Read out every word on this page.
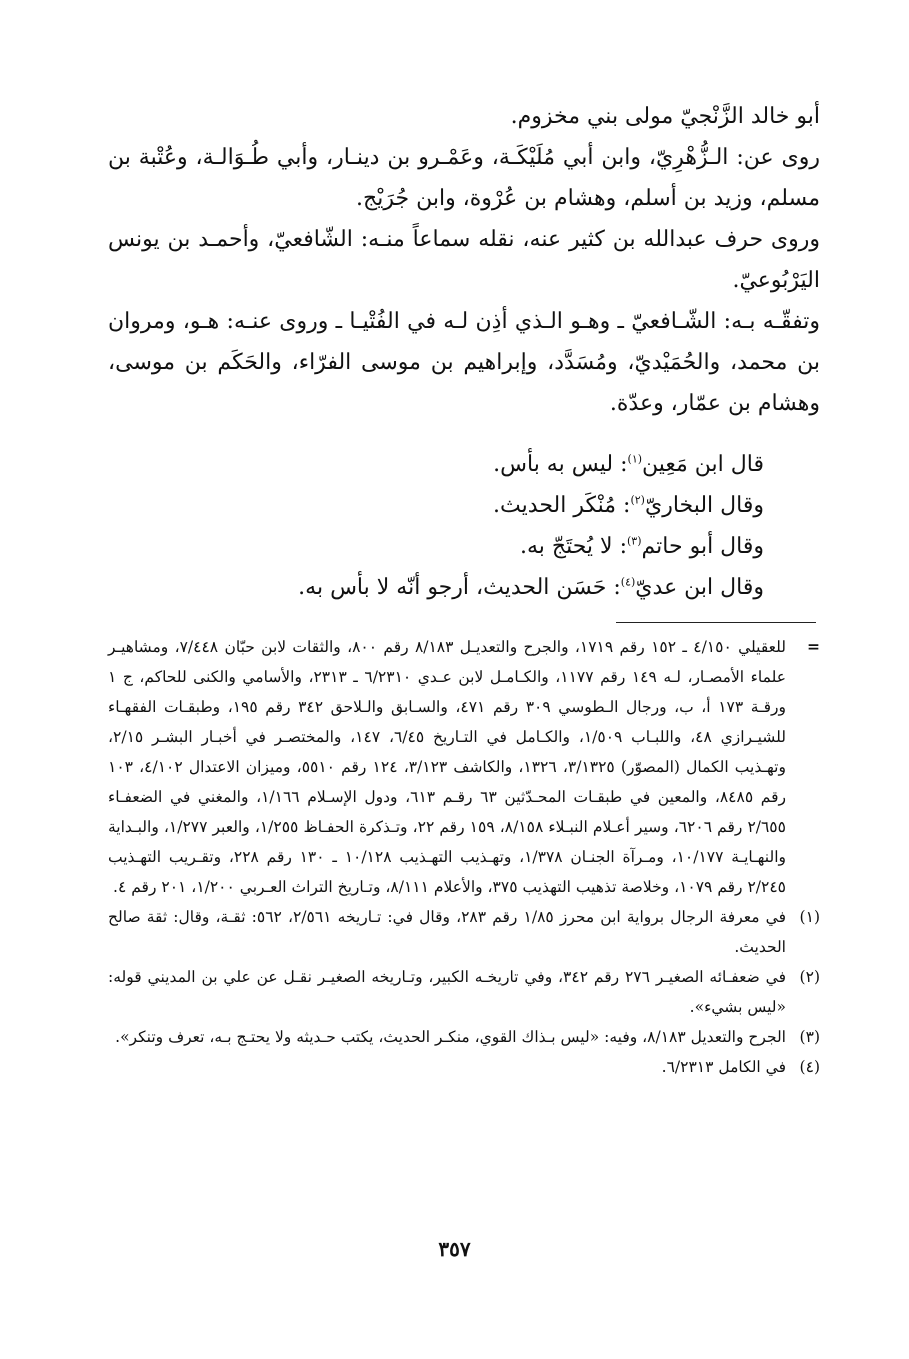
أبو خالد الزَّنْجيّ مولى بني مخزوم.

روى عن: الـزُّهْرِيّ، وابن أبي مُلَيْكَـة، وعَمْـرو بن دينـار، وأبي طُـوَالـة، وعُتْبة بن مسلم، وزيد بن أسلم، وهشام بن عُرْوة، وابن جُرَيْج.

وروى حرف عبدالله بن كثير عنه، نقله سماعاً منـه: الشّافعيّ، وأحمـد بن يونس اليَرْبُوعيّ.

وتفقّـه بـه: الشّـافعيّ ـ وهـو الـذي أذِن لـه في الفُتْيـا ـ وروى عنـه: هـو، ومروان بن محمد، والحُمَيْديّ، ومُسَدَّد، وإبراهيم بن موسى الفرّاء، والحَكَم بن موسى، وهشام بن عمّار، وعدّة.

قال ابن مَعِين$^{(١)}$: ليس به بأس.

وقال البخاريّ$^{(٢)}$: مُنْكَر الحديث.

وقال أبو حاتم$^{(٣)}$: لا يُحتَجّ به.

وقال ابن عديّ$^{(٤)}$: حَسَن الحديث، أرجو أنّه لا بأس به.

=
للعقيلي ٤/١٥٠ ـ ١٥٢ رقم ١٧١٩، والجرح والتعديـل ٨/١٨٣ رقم ٨٠٠، والثقات لابن حبّان ٧/٤٤٨، ومشاهيـر علماء الأمصـار، لـه ١٤٩ رقم ١١٧٧، والكـامـل لابن عـدي ٦/٢٣١٠ ـ ٢٣١٣، والأسامي والكنى للحاكم، ج ١ ورقـة ١٧٣ أ، ب، ورجال الـطوسي ٣٠٩ رقم ٤٧١، والسـابق والـلاحق ٣٤٢ رقم ١٩٥، وطبقـات الفقهـاء للشيـرازي ٤٨، واللبـاب ١/٥٠٩، والكـامل في التـاريخ ٦/٤٥، ١٤٧، والمختصـر في أخبـار البشـر ٢/١٥، وتهـذيب الكمال (المصوّر) ٣/١٣٢٥، ١٣٢٦، والكاشف ٣/١٢٣، ١٢٤ رقم ٥٥١٠، وميزان الاعتدال ٤/١٠٢، ١٠٣ رقم ٨٤٨٥، والمعين في طبقـات المحـدّثين ٦٣ رقـم ٦١٣، ودول الإسـلام ١/١٦٦، والمغني في الضعفـاء ٢/٦٥٥ رقم ٦٢٠٦، وسير أعـلام النبـلاء ٨/١٥٨، ١٥٩ رقم ٢٢، وتـذكرة الحفـاظ ١/٢٥٥، والعبر ١/٢٧٧، والبـداية والنهـايـة ١٠/١٧٧، ومـرآة الجنـان ١/٣٧٨، وتهـذيب التهـذيب ١٠/١٢٨ ـ ١٣٠ رقم ٢٢٨، وتقـريب التهـذيب ٢/٢٤٥ رقم ١٠٧٩، وخلاصة تذهيب التهذيب ٣٧٥، والأعلام ٨/١١١، وتـاريخ التراث العـربي ١/٢٠٠، ٢٠١ رقم ٤.
(١)
في معرفة الرجال برواية ابن محرز ١/٨٥ رقم ٢٨٣، وقال في: تـاريخه ٢/٥٦١، ٥٦٢: ثقـة، وقال: ثقة صالح الحديث.
(٢)
في ضعفـائه الصغيـر ٢٧٦ رقم ٣٤٢، وفي تاريخـه الكبير، وتـاريخه الصغيـر نقـل عن علي بن المديني قوله: «ليس بشيء».
(٣)
الجرح والتعديل ٨/١٨٣، وفيه: «ليس بـذاك القوي، منكـر الحديث، يكتب حـديثه ولا يحتـج بـه، تعرف وتنكر».
(٤)
في الكامل ٦/٢٣١٣.
٣٥٧
